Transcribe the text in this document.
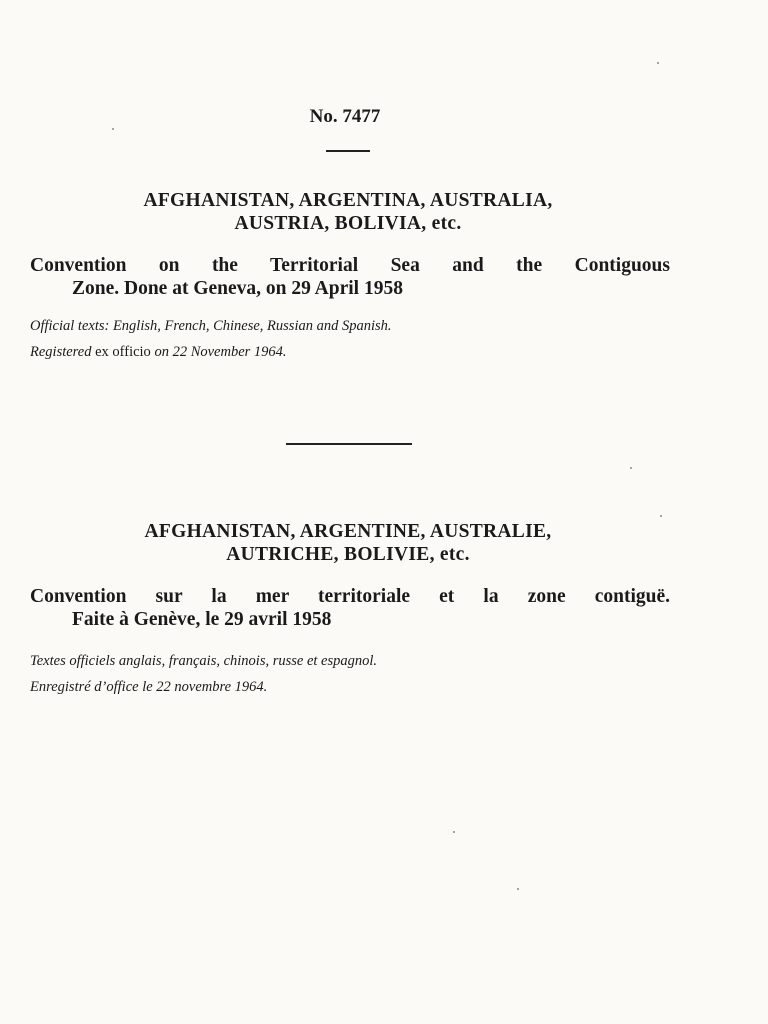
No. 7477
AFGHANISTAN, ARGENTINA, AUSTRALIA,
AUSTRIA, BOLIVIA, etc.
Convention on the Territorial Sea and the Contiguous
Zone. Done at Geneva, on 29 April 1958
Official texts: English, French, Chinese, Russian and Spanish.
Registered ex officio on 22 November 1964.
AFGHANISTAN, ARGENTINE, AUSTRALIE,
AUTRICHE, BOLIVIE, etc.
Convention sur la mer territoriale et la zone contiguë.
Faite à Genève, le 29 avril 1958
Textes officiels anglais, français, chinois, russe et espagnol.
Enregistré d’office le 22 novembre 1964.
